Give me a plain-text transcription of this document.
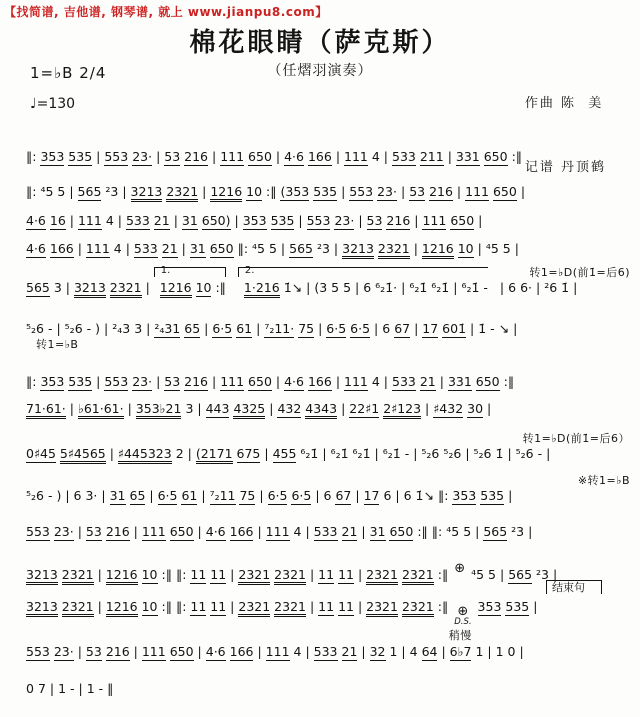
【找简谱, 吉他谱, 钢琴谱, 就上 www.jianpu8.com】
棉花眼睛（萨克斯）
（任熠羽演奏）

作曲 陈  美

记谱 丹顶鹤

1=♭B 2/4
♩=130
‖: 353 535 | 553 23· | 53 216 | 111 650 | 4·6 166 | 111 4 | 533 211 | 331 650 :‖
‖: ⁴5 5 | 565 ²3 | 3213 2321 | 1216 10 :‖ (353 535 | 553 23· | 53 216 | 111 650 |
4·6 16 | 111 4 | 533 21 | 31 650) | 353 535 | 553 23· | 53 216 | 111 650 |
4·6 166 | 111 4 | 533 21 | 31 650 ‖: ⁴5 5 | 565 ²3 | 3213 2321 | 1216 10 | ⁴5 5 |
565 3 | 3213 2321 |
1.
1216 10 :‖
2.
1·216 1̇↘ | (3 5 5 | 6 ⁶₂1̇· | ⁶₂1̇ ⁶₂1̇ | ⁶₂1̇ - | 6 6· | ²6 1̇ |
转1=♭D(前1̇=后6)
⁵₂6 - | ⁵₂6 - ) | ²₄3 3 | ²₄31 65 | 6·5 61 | ⁷₂11· 75 | 6·5 6·5 | 6 67 | 17 601̇ | 1̇ - ↘ |
转1=♭B
‖: 353 535 | 553 23· | 53 216 | 111 650 | 4·6 166 | 111 4 | 533 21 | 331 650 :‖
71·61· | ♭61·61· | 353♭21 3 | 443 4325 | 432 4343 | 22♯1 2♯123 | ♯432 30 |
0♯45 5♯4565 | ♯445323 2 | (2171 675 | 455 ⁶₂1̇ | ⁶₂1̇ ⁶₂1̇ | ⁶₂1̇ - | ⁵₂6 ⁵₂6 | ⁵₂6 1̇ | ⁵₂6 - |
转1=♭D(前1̇=后6）
⁵₂6 - ) | 6 3· | 31 65 | 6·5 61 | ⁷₂11 75 | 6·5 6·5 | 6 67 | 17 6 | 6 1̇↘ ‖: 353 535 |
※转1=♭B
553 23· | 53 216 | 111 650 | 4·6 166 | 111 4 | 533 21 | 31 650 :‖ ‖: ⁴5 5 | 565 ²3 |
3213 2321 | 1216 10 :‖ ‖: 11 11 | 2321 2321 | 11 11 | 2321 2321 :‖ ⊕ ⁴5 5 | 565 ²3 |
3213 2321 | 1216 10 :‖ ‖: 11 11 | 2321 2321 | 11 11 | 2321 2321 :‖ ⊕
D.S.
353 535 |
结束句
553 23· | 53 216 | 111 650 | 4·6 166 | 111 4 | 533 21 | 32 1 | 4 64 | 6♭7 1 | 1 0 |
稍慢
0 7 | 1 - | 1 - ‖
